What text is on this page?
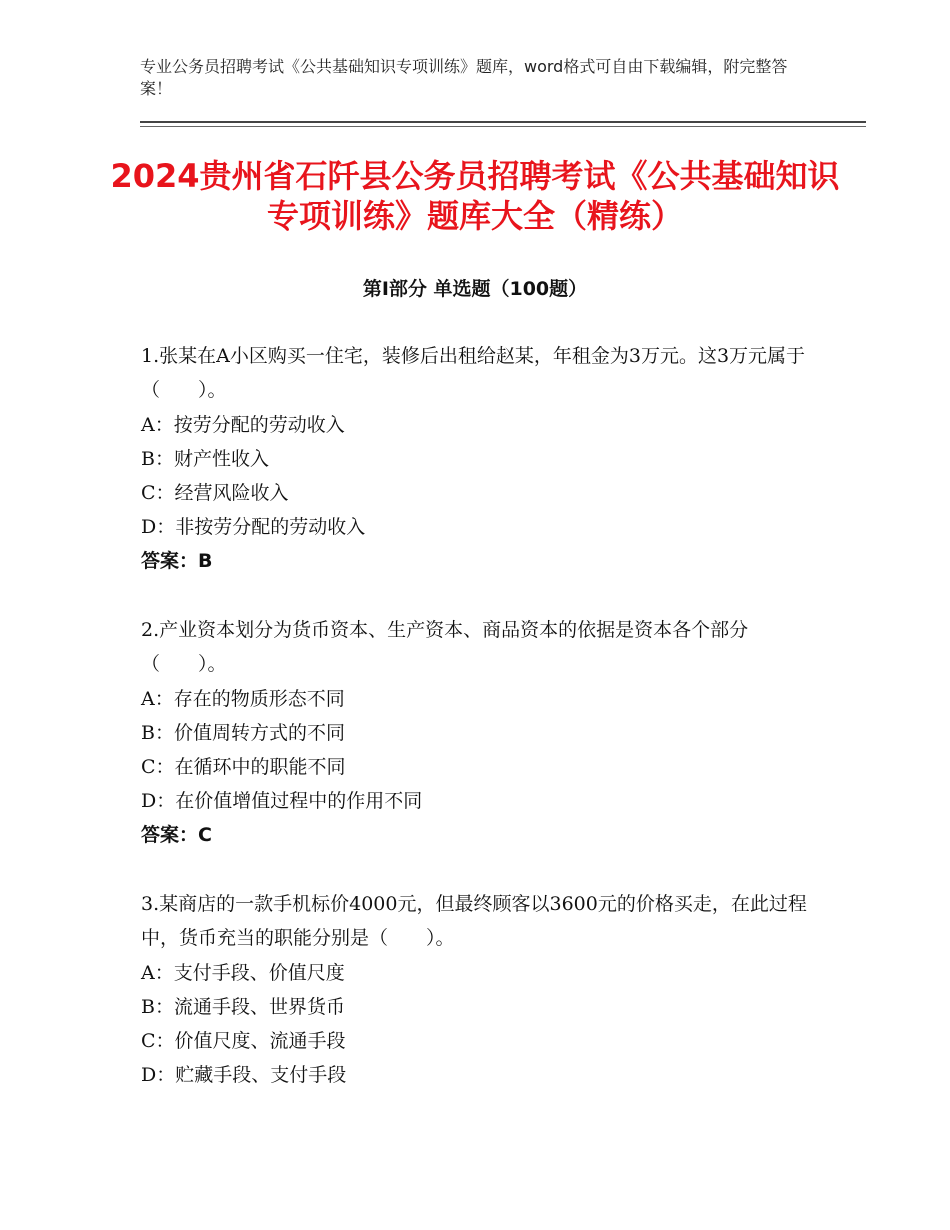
专业公务员招聘考试《公共基础知识专项训练》题库，word格式可自由下载编辑，附完整答案！
2024贵州省石阡县公务员招聘考试《公共基础知识专项训练》题库大全（精练）
第Ⅰ部分 单选题（100题）

1.张某在A小区购买一住宅，装修后出租给赵某，年租金为3万元。这3万元属于（　　）。

A：按劳分配的劳动收入
B：财产性收入
C：经营风险收入
D：非按劳分配的劳动收入
答案：B

2.产业资本划分为货币资本、生产资本、商品资本的依据是资本各个部分（　　）。

A：存在的物质形态不同
B：价值周转方式的不同
C：在循环中的职能不同
D：在价值增值过程中的作用不同
答案：C

3.某商店的一款手机标价4000元，但最终顾客以3600元的价格买走，在此过程中，货币充当的职能分别是（　　）。

A：支付手段、价值尺度
B：流通手段、世界货币
C：价值尺度、流通手段
D：贮藏手段、支付手段
